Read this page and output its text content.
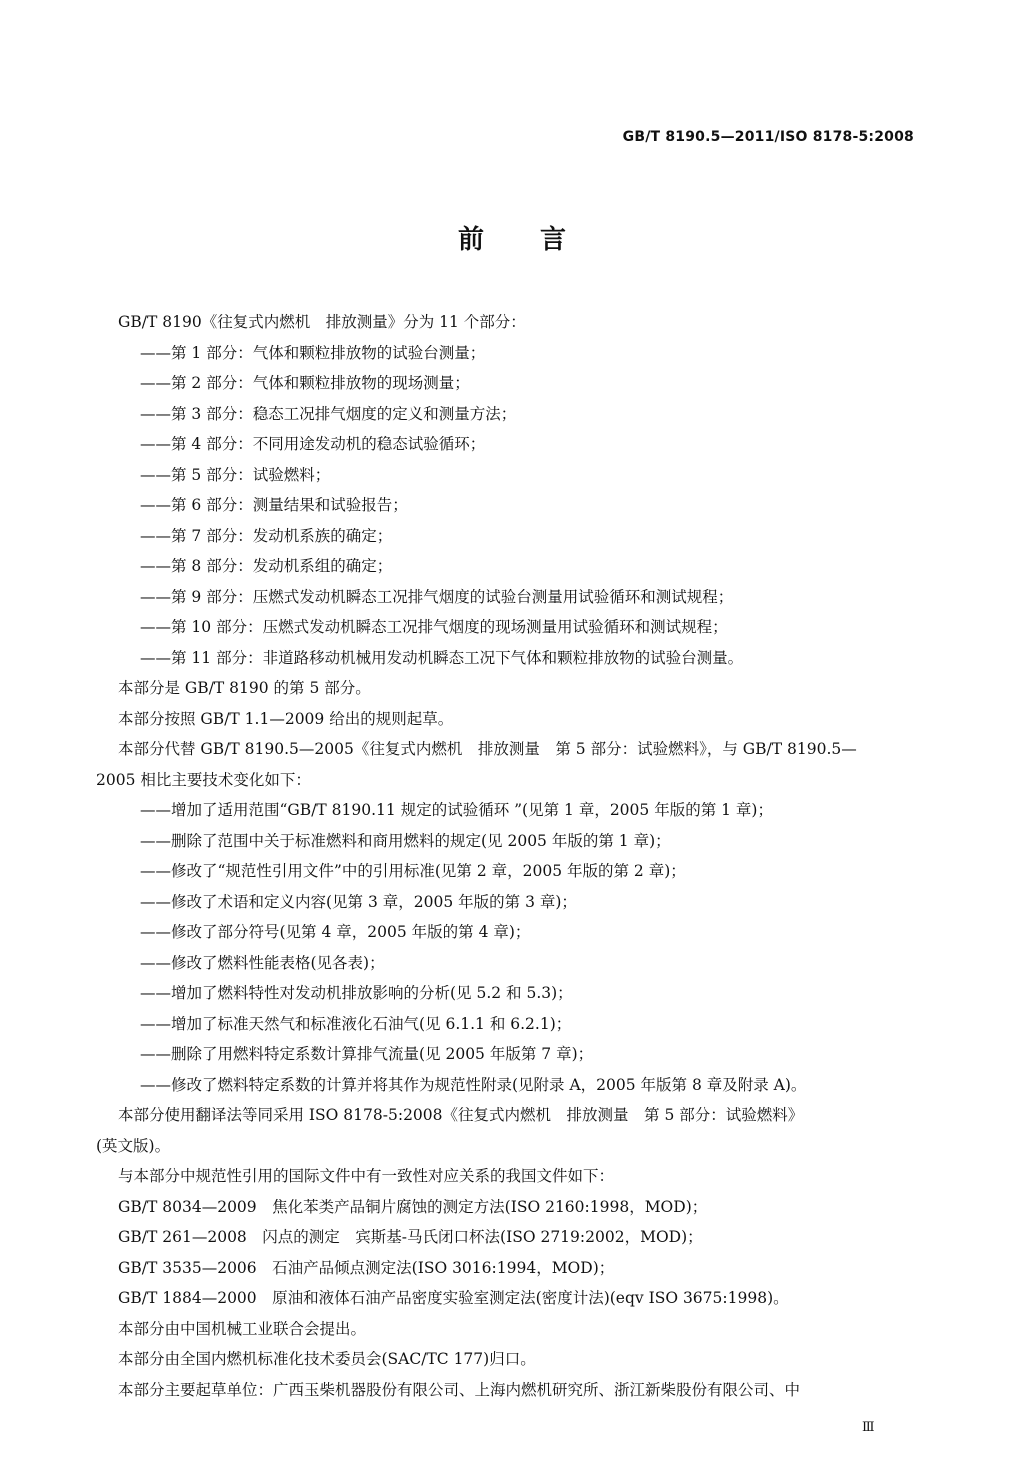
GB/T 8190.5—2011/ISO 8178-5:2008
前言
GB/T 8190《往复式内燃机　排放测量》分为 11 个部分：
——第 1 部分：气体和颗粒排放物的试验台测量；
——第 2 部分：气体和颗粒排放物的现场测量；
——第 3 部分：稳态工况排气烟度的定义和测量方法；
——第 4 部分：不同用途发动机的稳态试验循环；
——第 5 部分：试验燃料；
——第 6 部分：测量结果和试验报告；
——第 7 部分：发动机系族的确定；
——第 8 部分：发动机系组的确定；
——第 9 部分：压燃式发动机瞬态工况排气烟度的试验台测量用试验循环和测试规程；
——第 10 部分：压燃式发动机瞬态工况排气烟度的现场测量用试验循环和测试规程；
——第 11 部分：非道路移动机械用发动机瞬态工况下气体和颗粒排放物的试验台测量。
本部分是 GB/T 8190 的第 5 部分。
本部分按照 GB/T 1.1—2009 给出的规则起草。
本部分代替 GB/T 8190.5—2005《往复式内燃机　排放测量　第 5 部分：试验燃料》，与 GB/T 8190.5—
2005 相比主要技术变化如下：
——增加了适用范围“GB/T 8190.11 规定的试验循环 ”(见第 1 章，2005 年版的第 1 章)；
——删除了范围中关于标准燃料和商用燃料的规定(见 2005 年版的第 1 章)；
——修改了“规范性引用文件”中的引用标准(见第 2 章，2005 年版的第 2 章)；
——修改了术语和定义内容(见第 3 章，2005 年版的第 3 章)；
——修改了部分符号(见第 4 章，2005 年版的第 4 章)；
——修改了燃料性能表格(见各表)；
——增加了燃料特性对发动机排放影响的分析(见 5.2 和 5.3)；
——增加了标准天然气和标准液化石油气(见 6.1.1 和 6.2.1)；
——删除了用燃料特定系数计算排气流量(见 2005 年版第 7 章)；
——修改了燃料特定系数的计算并将其作为规范性附录(见附录 A，2005 年版第 8 章及附录 A)。
本部分使用翻译法等同采用 ISO 8178-5:2008《往复式内燃机　排放测量　第 5 部分：试验燃料》
(英文版)。
与本部分中规范性引用的国际文件中有一致性对应关系的我国文件如下：
GB/T 8034—2009　焦化苯类产品铜片腐蚀的测定方法(ISO 2160:1998，MOD)；
GB/T 261—2008　闪点的测定　宾斯基-马氏闭口杯法(ISO 2719:2002，MOD)；
GB/T 3535—2006　石油产品倾点测定法(ISO 3016:1994，MOD)；
GB/T 1884—2000　原油和液体石油产品密度实验室测定法(密度计法)(eqv ISO 3675:1998)。
本部分由中国机械工业联合会提出。
本部分由全国内燃机标准化技术委员会(SAC/TC 177)归口。
本部分主要起草单位：广西玉柴机器股份有限公司、上海内燃机研究所、浙江新柴股份有限公司、中
Ⅲ
